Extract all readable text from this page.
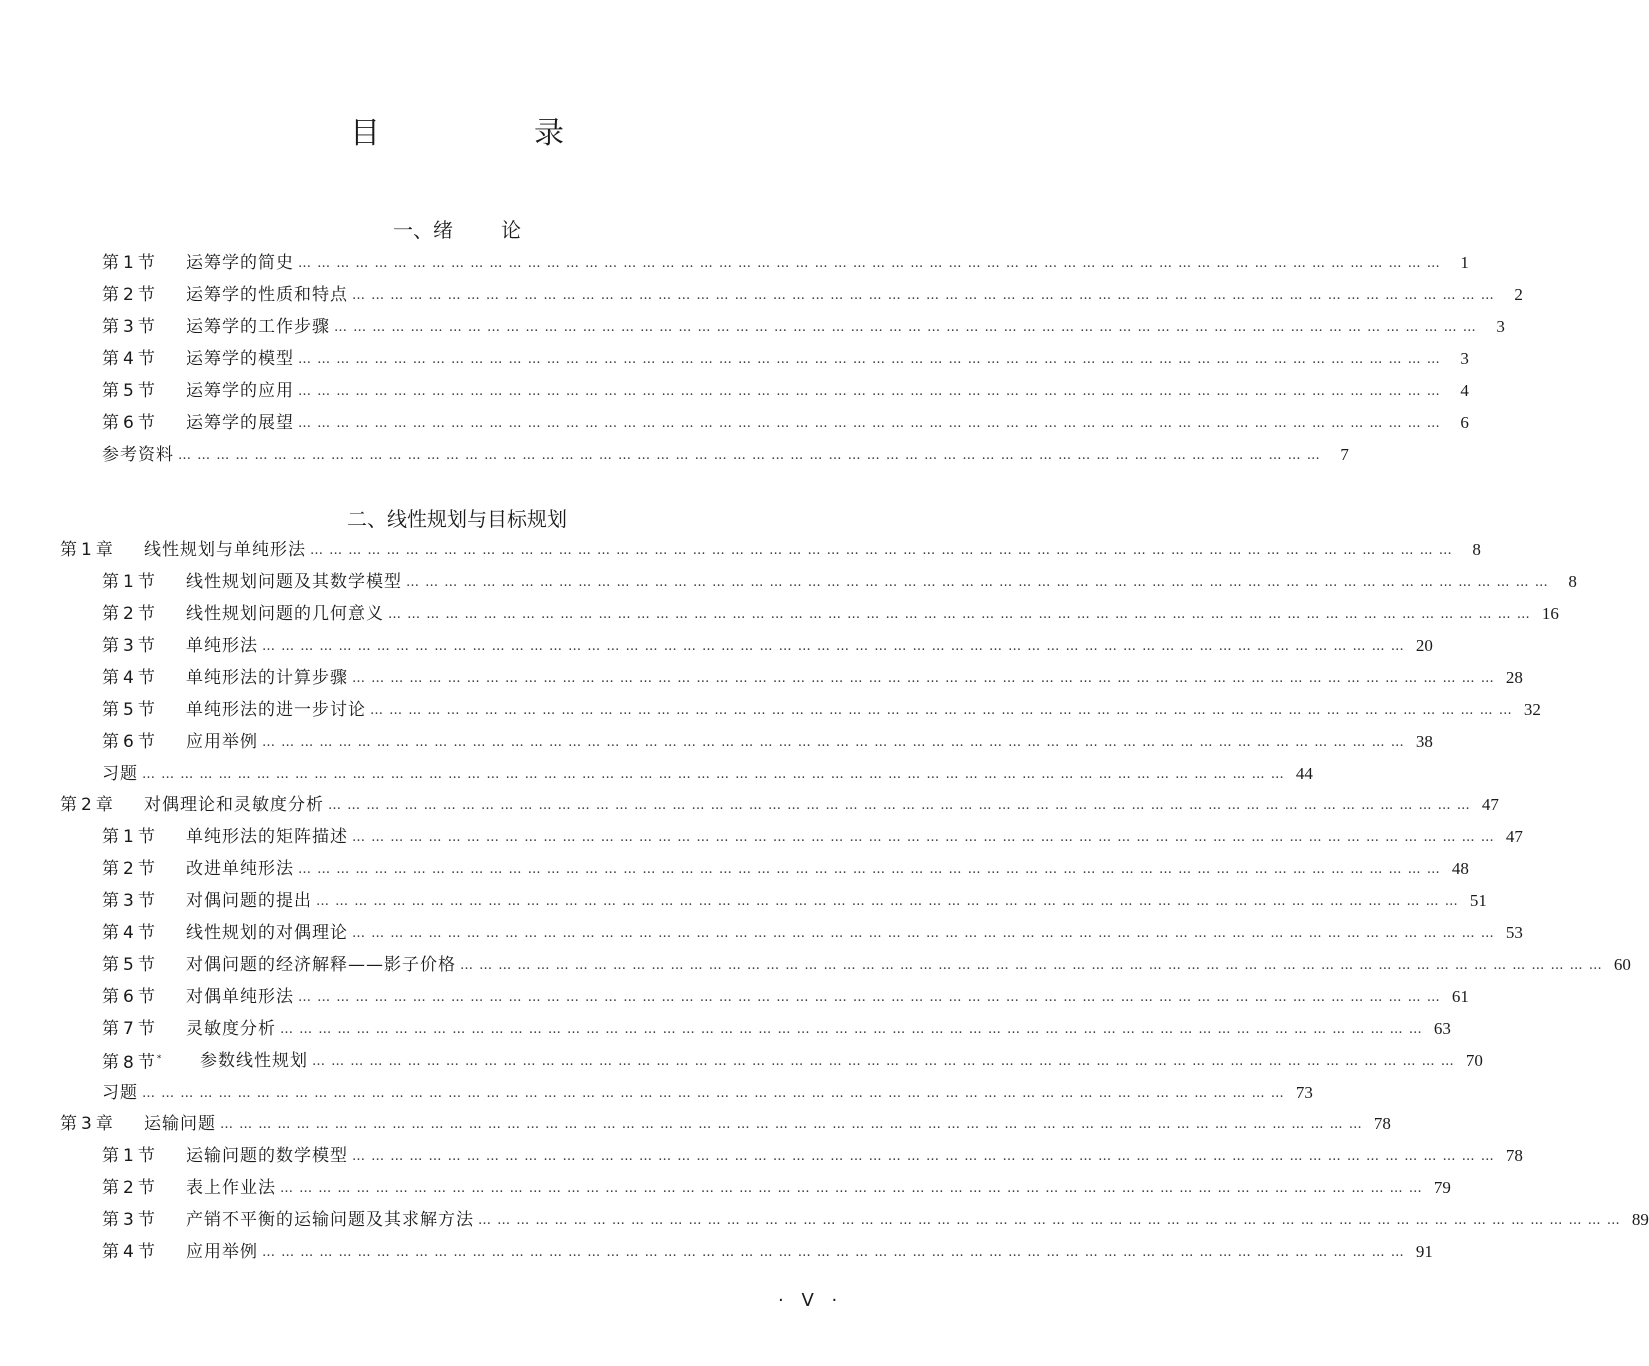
目　录
一、绪 论
二、线性规划与目标规划
第 1 节	运筹学的简史 … … … … … … … … … … … … … … … … … … … … … … … … … … … … … … … … … … … … … … … … … … … … … … … … … … … … … … … … … … … …	1
第 2 节	运筹学的性质和特点 … … … … … … … … … … … … … … … … … … … … … … … … … … … … … … … … … … … … … … … … … … … … … … … … … … … … … … … … … … … …	2
第 3 节	运筹学的工作步骤 … … … … … … … … … … … … … … … … … … … … … … … … … … … … … … … … … … … … … … … … … … … … … … … … … … … … … … … … … … … …	3
第 4 节	运筹学的模型 … … … … … … … … … … … … … … … … … … … … … … … … … … … … … … … … … … … … … … … … … … … … … … … … … … … … … … … … … … … …	3
第 5 节	运筹学的应用 … … … … … … … … … … … … … … … … … … … … … … … … … … … … … … … … … … … … … … … … … … … … … … … … … … … … … … … … … … … …	4
第 6 节	运筹学的展望 … … … … … … … … … … … … … … … … … … … … … … … … … … … … … … … … … … … … … … … … … … … … … … … … … … … … … … … … … … … …	6
参考资料 … … … … … … … … … … … … … … … … … … … … … … … … … … … … … … … … … … … … … … … … … … … … … … … … … … … … … … … … … … … …	7
第 1 章	线性规划与单纯形法 … … … … … … … … … … … … … … … … … … … … … … … … … … … … … … … … … … … … … … … … … … … … … … … … … … … … … … … … … … … …	8
第 1 节	线性规划问题及其数学模型 … … … … … … … … … … … … … … … … … … … … … … … … … … … … … … … … … … … … … … … … … … … … … … … … … … … … … … … … … … … …	8
第 2 节	线性规划问题的几何意义 … … … … … … … … … … … … … … … … … … … … … … … … … … … … … … … … … … … … … … … … … … … … … … … … … … … … … … … … … … … … 16
第 3 节	单纯形法 … … … … … … … … … … … … … … … … … … … … … … … … … … … … … … … … … … … … … … … … … … … … … … … … … … … … … … … … … … … … 20
第 4 节	单纯形法的计算步骤 … … … … … … … … … … … … … … … … … … … … … … … … … … … … … … … … … … … … … … … … … … … … … … … … … … … … … … … … … … … … 28
第 5 节	单纯形法的进一步讨论 … … … … … … … … … … … … … … … … … … … … … … … … … … … … … … … … … … … … … … … … … … … … … … … … … … … … … … … … … … … … 32
第 6 节	应用举例 … … … … … … … … … … … … … … … … … … … … … … … … … … … … … … … … … … … … … … … … … … … … … … … … … … … … … … … … … … … … 38
习题 … … … … … … … … … … … … … … … … … … … … … … … … … … … … … … … … … … … … … … … … … … … … … … … … … … … … … … … … … … … … 44
第 2 章	对偶理论和灵敏度分析 … … … … … … … … … … … … … … … … … … … … … … … … … … … … … … … … … … … … … … … … … … … … … … … … … … … … … … … … … … … … 47
第 1 节	单纯形法的矩阵描述 … … … … … … … … … … … … … … … … … … … … … … … … … … … … … … … … … … … … … … … … … … … … … … … … … … … … … … … … … … … … 47
第 2 节	改进单纯形法 … … … … … … … … … … … … … … … … … … … … … … … … … … … … … … … … … … … … … … … … … … … … … … … … … … … … … … … … … … … … 48
第 3 节	对偶问题的提出 … … … … … … … … … … … … … … … … … … … … … … … … … … … … … … … … … … … … … … … … … … … … … … … … … … … … … … … … … … … … 51
第 4 节	线性规划的对偶理论 … … … … … … … … … … … … … … … … … … … … … … … … … … … … … … … … … … … … … … … … … … … … … … … … … … … … … … … … … … … … 53
第 5 节	对偶问题的经济解释——影子价格 … … … … … … … … … … … … … … … … … … … … … … … … … … … … … … … … … … … … … … … … … … … … … … … … … … … … … … … … … … … … 60
第 6 节	对偶单纯形法 … … … … … … … … … … … … … … … … … … … … … … … … … … … … … … … … … … … … … … … … … … … … … … … … … … … … … … … … … … … … 61
第 7 节	灵敏度分析 … … … … … … … … … … … … … … … … … … … … … … … … … … … … … … … … … … … … … … … … … … … … … … … … … … … … … … … … … … … … 63
第 8 节 *	参数线性规划 … … … … … … … … … … … … … … … … … … … … … … … … … … … … … … … … … … … … … … … … … … … … … … … … … … … … … … … … … … … … 70
习题 … … … … … … … … … … … … … … … … … … … … … … … … … … … … … … … … … … … … … … … … … … … … … … … … … … … … … … … … … … … … 73
第 3 章	运输问题 … … … … … … … … … … … … … … … … … … … … … … … … … … … … … … … … … … … … … … … … … … … … … … … … … … … … … … … … … … … … 78
第 1 节	运输问题的数学模型 … … … … … … … … … … … … … … … … … … … … … … … … … … … … … … … … … … … … … … … … … … … … … … … … … … … … … … … … … … … … 78
第 2 节	表上作业法 … … … … … … … … … … … … … … … … … … … … … … … … … … … … … … … … … … … … … … … … … … … … … … … … … … … … … … … … … … … … 79
第 3 节	产销不平衡的运输问题及其求解方法 … … … … … … … … … … … … … … … … … … … … … … … … … … … … … … … … … … … … … … … … … … … … … … … … … … … … … … … … … … … … 89
第 4 节	应用举例 … … … … … … … … … … … … … … … … … … … … … … … … … … … … … … … … … … … … … … … … … … … … … … … … … … … … … … … … … … … … 91
· V ·
